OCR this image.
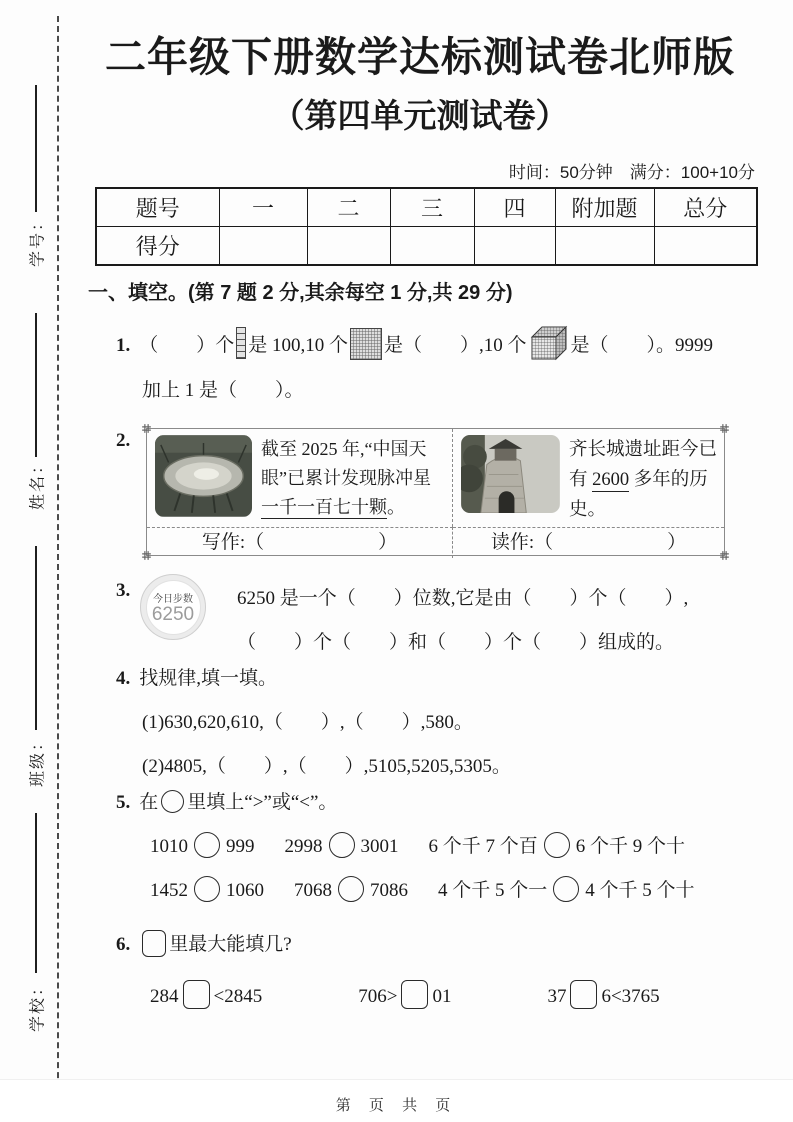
学号：
姓名：
班级：
学校：
二年级下册数学达标测试卷北师版
（第四单元测试卷）
时间：50分钟　满分：100+10分
题号	一	二	三	四	附加题	总分
得分						
一、填空。(第 7 题 2 分,其余每空 1 分,共 29 分)
1. （　　）个 是 100,10 个 是（　　）,10 个 是（　　）。9999
加上 1 是（　　）。
2.	截至 2025 年,“中国天眼”已累计发现脉冲星一千一百七十颗。

齐长城遗址距今已有 2600 多年的历史。

写作:（　　　　　　）	读作:（　　　　　　）
3. 今日步数
6250
6250 是一个（　　）位数,它是由（　　）个（　　）,
（　　）个（　　）和（　　）个（　　）组成的。
4. 找规律,填一填。
(1)630,620,610,（　　）,（　　）,580。
(2)4805,（　　）,（　　）,5105,5205,5305。
5. 在 里填上“>”或“<”。
1010 999 2998 3001 6 个千 7 个百 6 个千 9 个十
1452 1060 7068 7086 4 个千 5 个一 4 个千 5 个十
6. 里最大能填几?
284 <2845	706> 01	37 6<3765
第 页 共 页
